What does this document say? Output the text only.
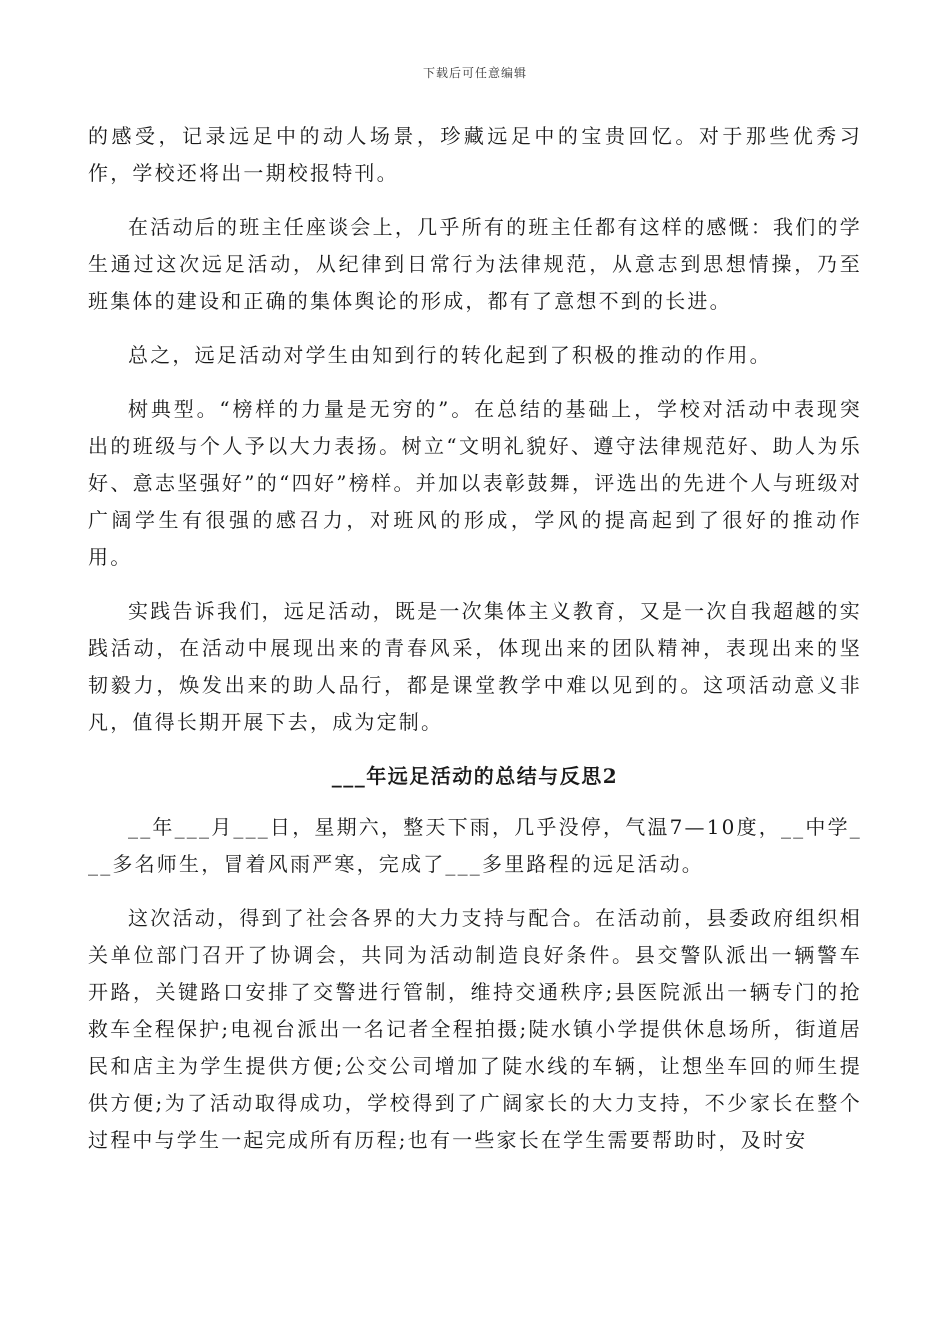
下载后可任意编辑

的感受，记录远足中的动人场景，珍藏远足中的宝贵回忆。对于那些优秀习作，学校还将出一期校报特刊。

在活动后的班主任座谈会上，几乎所有的班主任都有这样的感慨：我们的学生通过这次远足活动，从纪律到日常行为法律规范，从意志到思想情操，乃至班集体的建设和正确的集体舆论的形成，都有了意想不到的长进。

总之，远足活动对学生由知到行的转化起到了积极的推动的作用。

树典型。“榜样的力量是无穷的”。在总结的基础上，学校对活动中表现突出的班级与个人予以大力表扬。树立“文明礼貌好、遵守法律规范好、助人为乐好、意志坚强好”的“四好”榜样。并加以表彰鼓舞，评选出的先进个人与班级对广阔学生有很强的感召力，对班风的形成，学风的提高起到了很好的推动作用。

实践告诉我们，远足活动，既是一次集体主义教育，又是一次自我超越的实践活动，在活动中展现出来的青春风采，体现出来的团队精神，表现出来的坚韧毅力，焕发出来的助人品行，都是课堂教学中难以见到的。这项活动意义非凡，值得长期开展下去，成为定制。

___年远足活动的总结与反思2

__年___月___日，星期六，整天下雨，几乎没停，气温7—10度，__中学___多名师生，冒着风雨严寒，完成了___多里路程的远足活动。

这次活动，得到了社会各界的大力支持与配合。在活动前，县委政府组织相关单位部门召开了协调会，共同为活动制造良好条件。县交警队派出一辆警车开路，关键路口安排了交警进行管制，维持交通秩序;县医院派出一辆专门的抢救车全程保护;电视台派出一名记者全程拍摄;陡水镇小学提供休息场所，街道居民和店主为学生提供方便;公交公司增加了陡水线的车辆，让想坐车回的师生提供方便;为了活动取得成功，学校得到了广阔家长的大力支持，不少家长在整个过程中与学生一起完成所有历程;也有一些家长在学生需要帮助时，及时安
